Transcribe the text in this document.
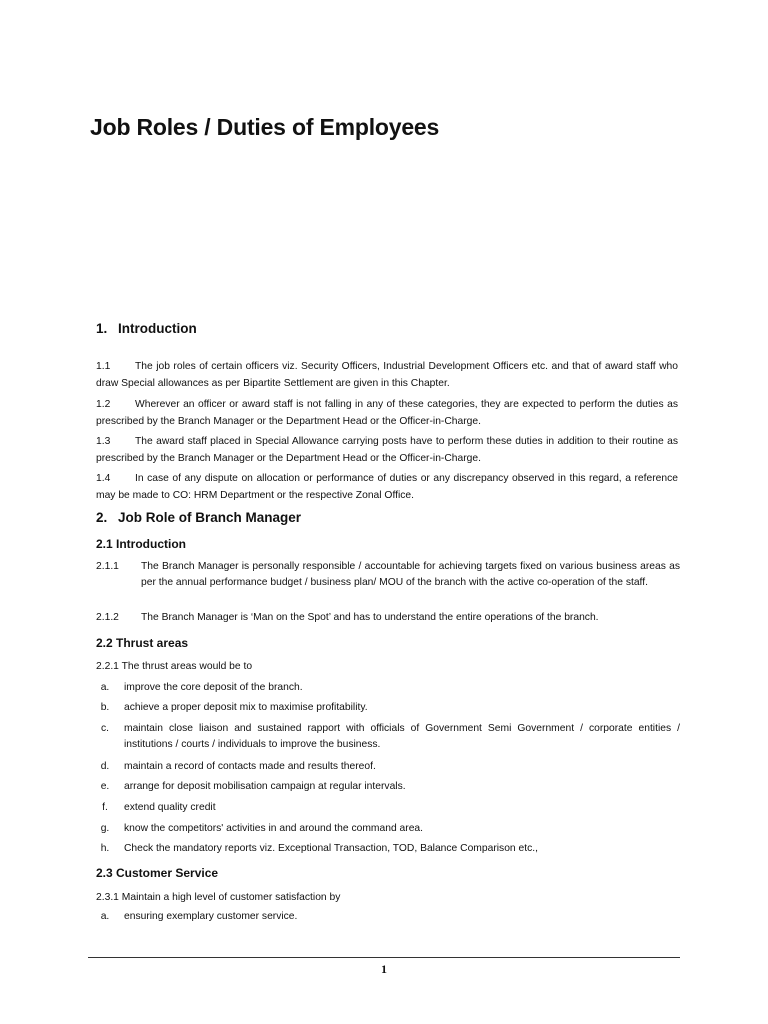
Job Roles / Duties of Employees
1. Introduction

1.1 The job roles of certain officers viz. Security Officers, Industrial Development Officers etc. and that of award staff who draw Special allowances as per Bipartite Settlement are given in this Chapter.

1.2 Wherever an officer or award staff is not falling in any of these categories, they are expected to perform the duties as prescribed by the Branch Manager or the Department Head or the Officer-in-Charge.

1.3 The award staff placed in Special Allowance carrying posts have to perform these duties in addition to their routine as prescribed by the Branch Manager or the Department Head or the Officer-in-Charge.

1.4 In case of any dispute on allocation or performance of duties or any discrepancy observed in this regard, a reference may be made to CO: HRM Department or the respective Zonal Office.

2. Job Role of Branch Manager
2.1 Introduction

2.1.1 The Branch Manager is personally responsible / accountable for achieving targets fixed on various business areas as per the annual performance budget / business plan/ MOU of the branch with the active co-operation of the staff.

2.1.2 The Branch Manager is ‘Man on the Spot’ and has to understand the entire operations of the branch.

2.2 Thrust areas

2.2.1 The thrust areas would be to

a.	improve the core deposit of the branch.

b.	achieve a proper deposit mix to maximise profitability.

c.	maintain close liaison and sustained rapport with officials of Government Semi Government / corporate entities / institutions / courts / individuals to improve the business.

d.	maintain a record of contacts made and results thereof.

e.	arrange for deposit mobilisation campaign at regular intervals.

f.	extend quality credit

g.	know the competitors' activities in and around the command area.

h.	Check the mandatory reports viz. Exceptional Transaction, TOD, Balance Comparison etc.,

2.3 Customer Service

2.3.1 Maintain a high level of customer satisfaction by

a.	ensuring exemplary customer service.

1
